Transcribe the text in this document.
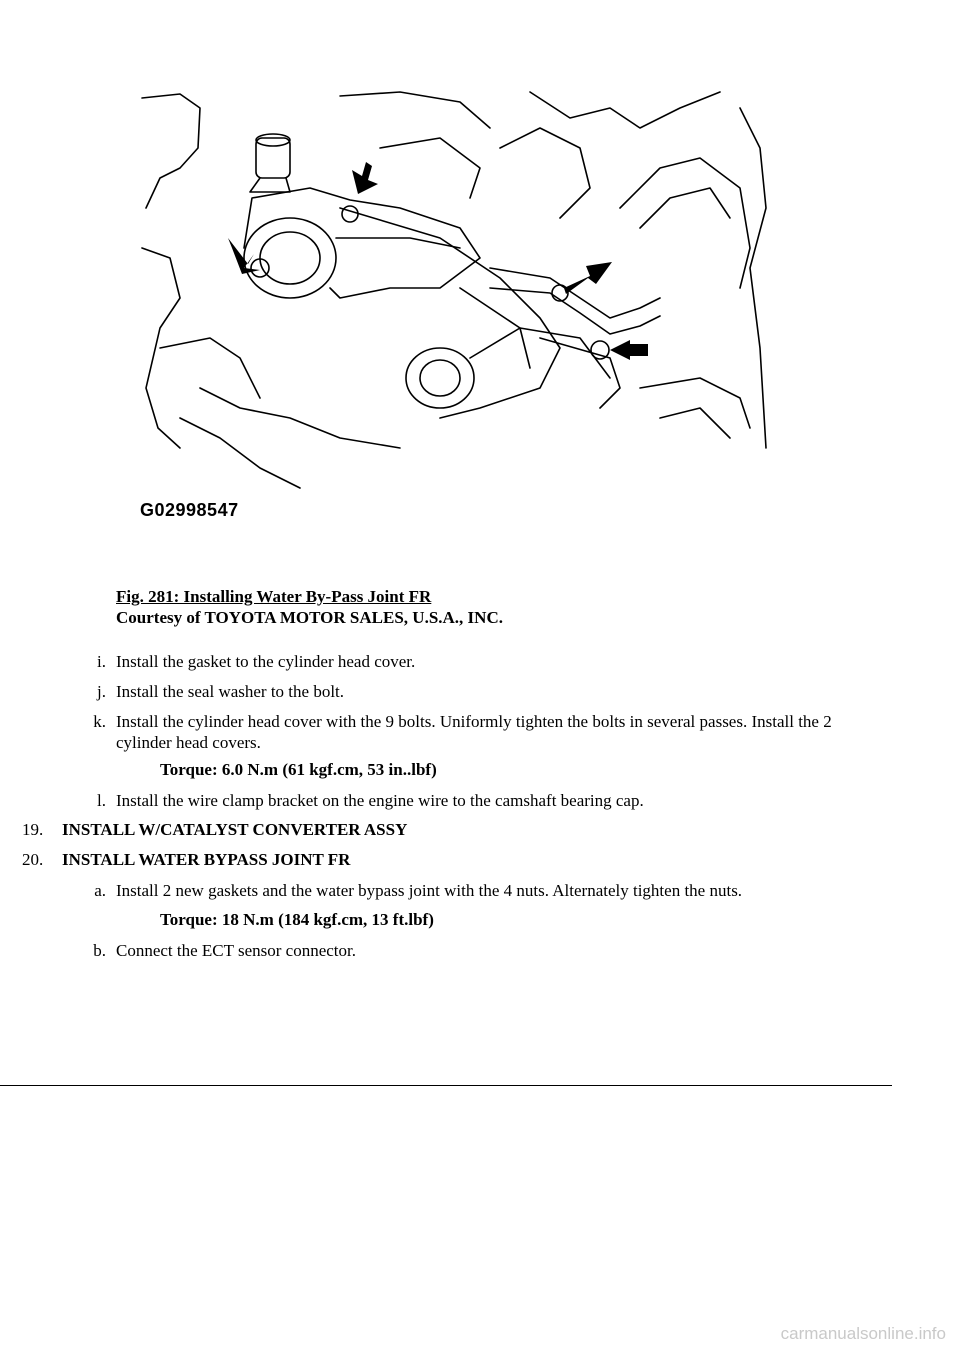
G02998547
Fig. 281: Installing Water By-Pass Joint FR
Courtesy of TOYOTA MOTOR SALES, U.S.A., INC.
i. Install the gasket to the cylinder head cover.
j. Install the seal washer to the bolt.
k. Install the cylinder head cover with the 9 bolts. Uniformly tighten the bolts in several passes. Install the 2 cylinder head covers.
Torque: 6.0 N.m (61 kgf.cm, 53 in..lbf)
l. Install the wire clamp bracket on the engine wire to the camshaft bearing cap.
19. INSTALL W/CATALYST CONVERTER ASSY
20. INSTALL WATER BYPASS JOINT FR
a. Install 2 new gaskets and the water bypass joint with the 4 nuts. Alternately tighten the nuts.
Torque: 18 N.m (184 kgf.cm, 13 ft.lbf)
b. Connect the ECT sensor connector.
carmanualsonline.info
